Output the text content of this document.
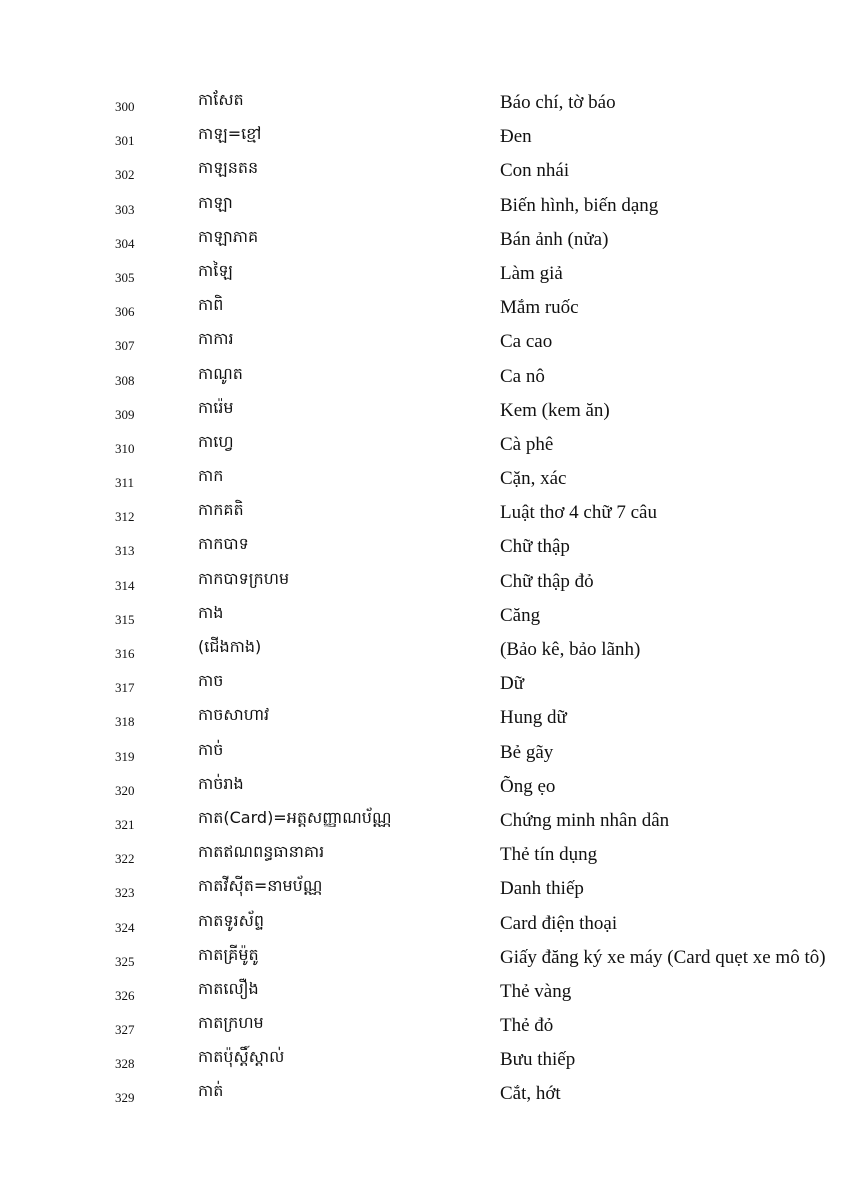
300	កាសែត	Báo chí, tờ báo
301	កាឡ=ខ្មៅ	Đen
302	កាឡនតន	Con nhái
303	កាឡា	Biến hình, biến dạng
304	កាឡាភាគ	Bán ảnh (nửa)
305	កាឡៃ	Làm giả
306	កាពិ	Mắm ruốc
307	កាការ	Ca cao
308	កាណូត	Ca nô
309	ការ៉េម	Kem (kem ăn)
310	កាហ្វេ	Cà phê
311	កាក	Cặn, xác
312	កាកគតិ	Luật thơ 4 chữ 7 câu
313	កាកបាទ	Chữ thập
314	កាកបាទក្រហម	Chữ thập đỏ
315	កាង	Căng
316	(ជើងកាង)	(Bảo kê, bảo lãnh)
317	កាច	Dữ
318	កាចសាហាវ	Hung dữ
319	កាច់	Bẻ gãy
320	កាច់រាង	Õng ẹo
321	កាត(Card)=អត្តសញ្ញាណប័ណ្ណ	Chứng minh nhân dân
322	កាតឥណពន្ធធានាគារ	Thẻ tín dụng
323	កាតវីស៊ីត=នាមប័ណ្ណ	Danh thiếp
324	កាតទូរស័ព្ទ	Card điện thoại
325	កាតគ្រីម៉ូតូ	Giấy đăng ký xe máy (Card quẹt xe mô tô)
326	កាតលឿង	Thẻ vàng
327	កាតក្រហម	Thẻ đỏ
328	កាតប៉ុស្តិ៍ស្តាល់	Bưu thiếp
329	កាត់	Cắt, hớt
